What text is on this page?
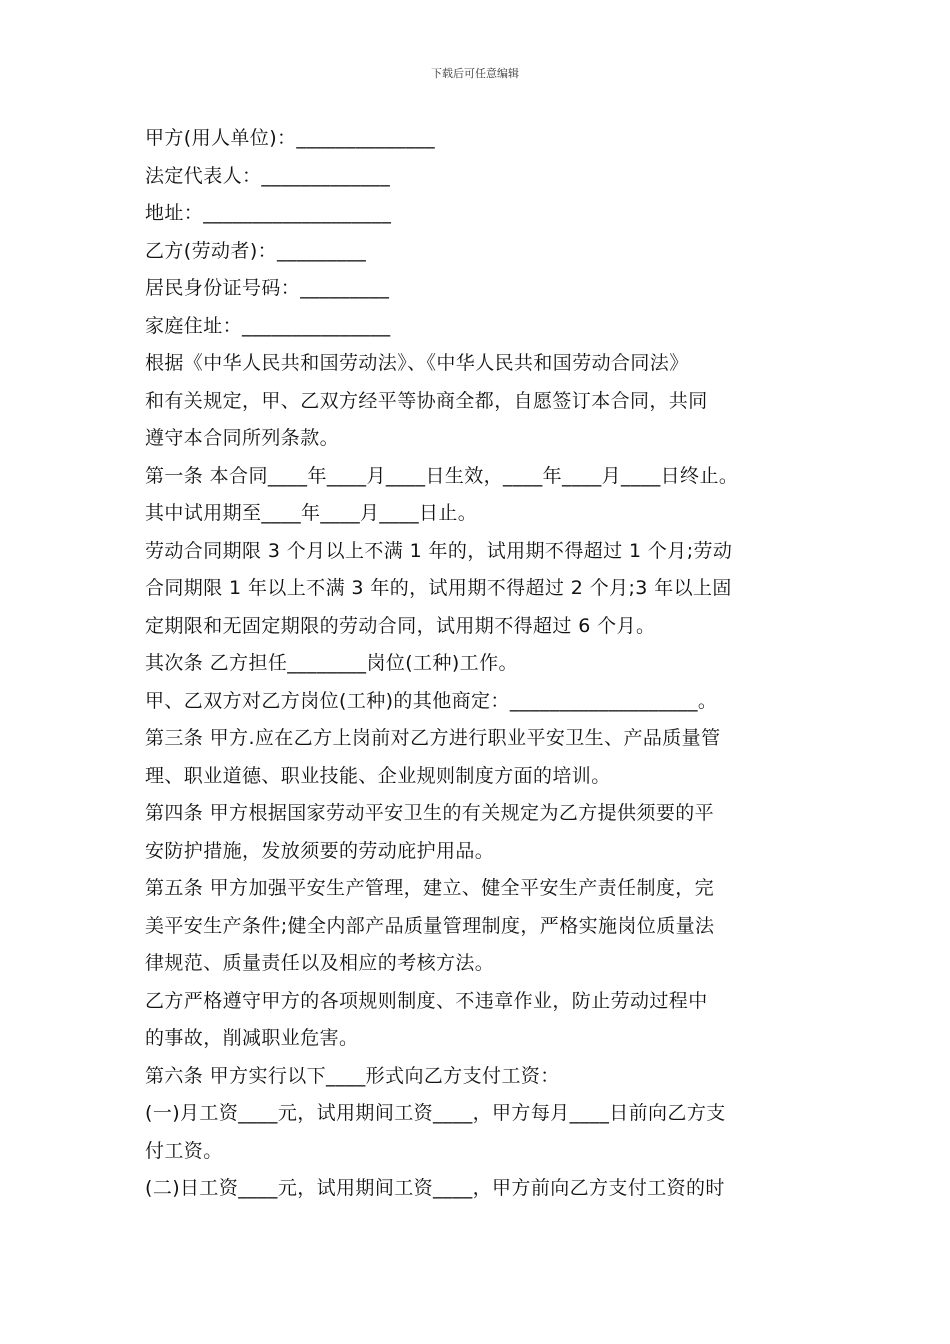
下载后可任意编辑
甲方(用人单位)：______________
法定代表人：_____________
地址：___________________
乙方(劳动者)：_________
居民身份证号码：_________
家庭住址：_______________
根据《中华人民共和国劳动法》、《中华人民共和国劳动合同法》
和有关规定，甲、乙双方经平等协商全都，自愿签订本合同，共同
遵守本合同所列条款。
第一条 本合同____年____月____日生效，____年____月____日终止。
其中试用期至____年____月____日止。
劳动合同期限 3 个月以上不满 1 年的，试用期不得超过 1 个月;劳动
合同期限 1 年以上不满 3 年的，试用期不得超过 2 个月;3 年以上固
定期限和无固定期限的劳动合同，试用期不得超过 6 个月。
其次条 乙方担任________岗位(工种)工作。
甲、乙双方对乙方岗位(工种)的其他商定：___________________。
第三条 甲方.应在乙方上岗前对乙方进行职业平安卫生、产品质量管
理、职业道德、职业技能、企业规则制度方面的培训。
第四条 甲方根据国家劳动平安卫生的有关规定为乙方提供须要的平
安防护措施，发放须要的劳动庇护用品。
第五条 甲方加强平安生产管理，建立、健全平安生产责任制度，完
美平安生产条件;健全内部产品质量管理制度，严格实施岗位质量法
律规范、质量责任以及相应的考核方法。
乙方严格遵守甲方的各项规则制度、不违章作业，防止劳动过程中
的事故，削减职业危害。
第六条 甲方实行以下____形式向乙方支付工资：
(一)月工资____元，试用期间工资____，甲方每月____日前向乙方支
付工资。
(二)日工资____元，试用期间工资____，甲方前向乙方支付工资的时
